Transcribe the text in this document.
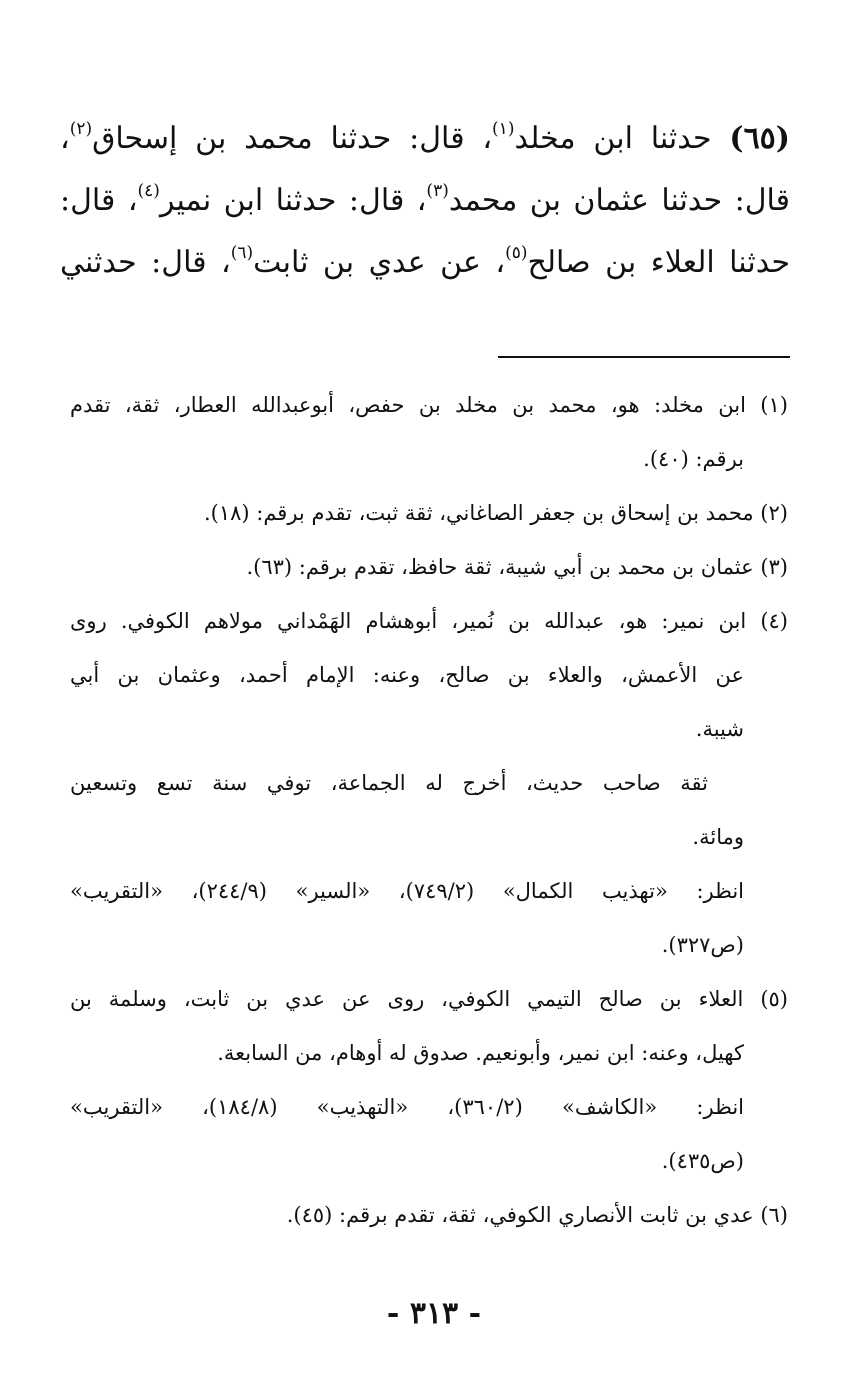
(٦٥) حدثنا ابن مخلد$^{(١)}$، قال: حدثنا محمد بن إسحاق$^{(٢)}$،
قال: حدثنا عثمان بن محمد$^{(٣)}$، قال: حدثنا ابن نمير$^{(٤)}$، قال:
حدثنا العلاء بن صالح$^{(٥)}$، عن عدي بن ثابت$^{(٦)}$، قال: حدثني
(١) ابن مخلد: هو، محمد بن مخلد بن حفص، أبوعبدالله العطار، ثقة، تقدم
برقم: (٤٠).
(٢) محمد بن إسحاق بن جعفر الصاغاني، ثقة ثبت، تقدم برقم: (١٨).
(٣) عثمان بن محمد بن أبي شيبة، ثقة حافظ، تقدم برقم: (٦٣).
(٤) ابن نمير: هو، عبدالله بن نُمير، أبوهشام الهَمْداني مولاهم الكوفي. روى
عن الأعمش، والعلاء بن صالح، وعنه: الإمام أحمد، وعثمان بن أبي
شيبة.
ثقة صاحب حديث، أخرج له الجماعة، توفي سنة تسع وتسعين
ومائة.
انظر: «تهذيب الكمال» (٧٤٩/٢)، «السير» (٢٤٤/٩)، «التقريب»
(ص٣٢٧).
(٥) العلاء بن صالح التيمي الكوفي، روى عن عدي بن ثابت، وسلمة بن
كهيل، وعنه: ابن نمير، وأبونعيم. صدوق له أوهام، من السابعة.
انظر: «الكاشف» (٣٦٠/٢)، «التهذيب» (١٨٤/٨)، «التقريب»
(ص٤٣٥).
(٦) عدي بن ثابت الأنصاري الكوفي، ثقة، تقدم برقم: (٤٥).
- ٣١٣ -
